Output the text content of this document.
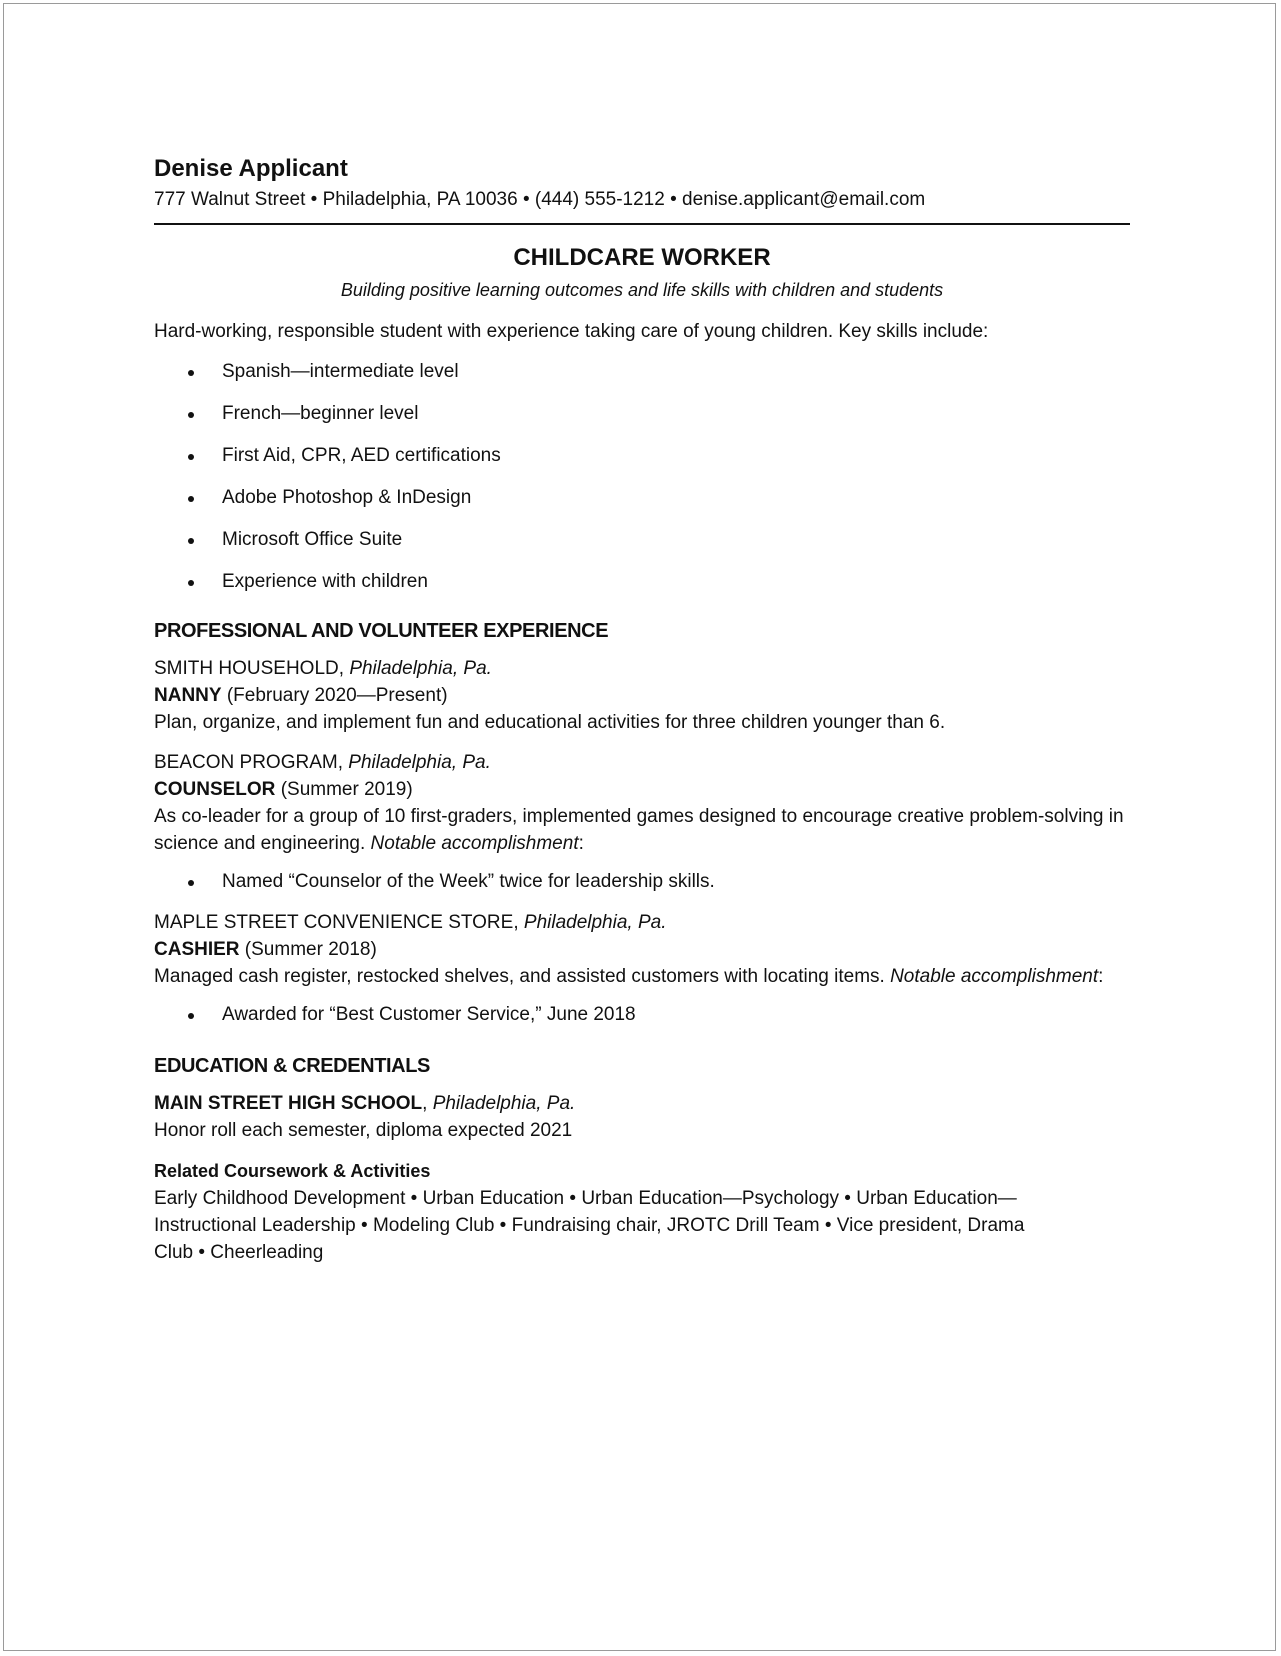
Denise Applicant

777 Walnut Street • Philadelphia, PA 10036 • (444) 555-1212 • denise.applicant@email.com

CHILDCARE WORKER

Building positive learning outcomes and life skills with children and students

Hard-working, responsible student with experience taking care of young children. Key skills include:

Spanish—intermediate level
French—beginner level
First Aid, CPR, AED certifications
Adobe Photoshop & InDesign
Microsoft Office Suite
Experience with children

PROFESSIONAL AND VOLUNTEER EXPERIENCE

SMITH HOUSEHOLD, Philadelphia, Pa.

NANNY (February 2020—Present)

Plan, organize, and implement fun and educational activities for three children younger than 6.

BEACON PROGRAM, Philadelphia, Pa.

COUNSELOR (Summer 2019)

As co-leader for a group of 10 first-graders, implemented games designed to encourage creative problem-solving in science and engineering. Notable accomplishment:

Named “Counselor of the Week” twice for leadership skills.

MAPLE STREET CONVENIENCE STORE, Philadelphia, Pa.

CASHIER (Summer 2018)

Managed cash register, restocked shelves, and assisted customers with locating items. Notable accomplishment:

Awarded for “Best Customer Service,” June 2018

EDUCATION & CREDENTIALS

MAIN STREET HIGH SCHOOL, Philadelphia, Pa.

Honor roll each semester, diploma expected 2021

Related Coursework & Activities

Early Childhood Development • Urban Education • Urban Education—Psychology • Urban Education—

Instructional Leadership • Modeling Club • Fundraising chair, JROTC Drill Team • Vice president, Drama

Club • Cheerleading
